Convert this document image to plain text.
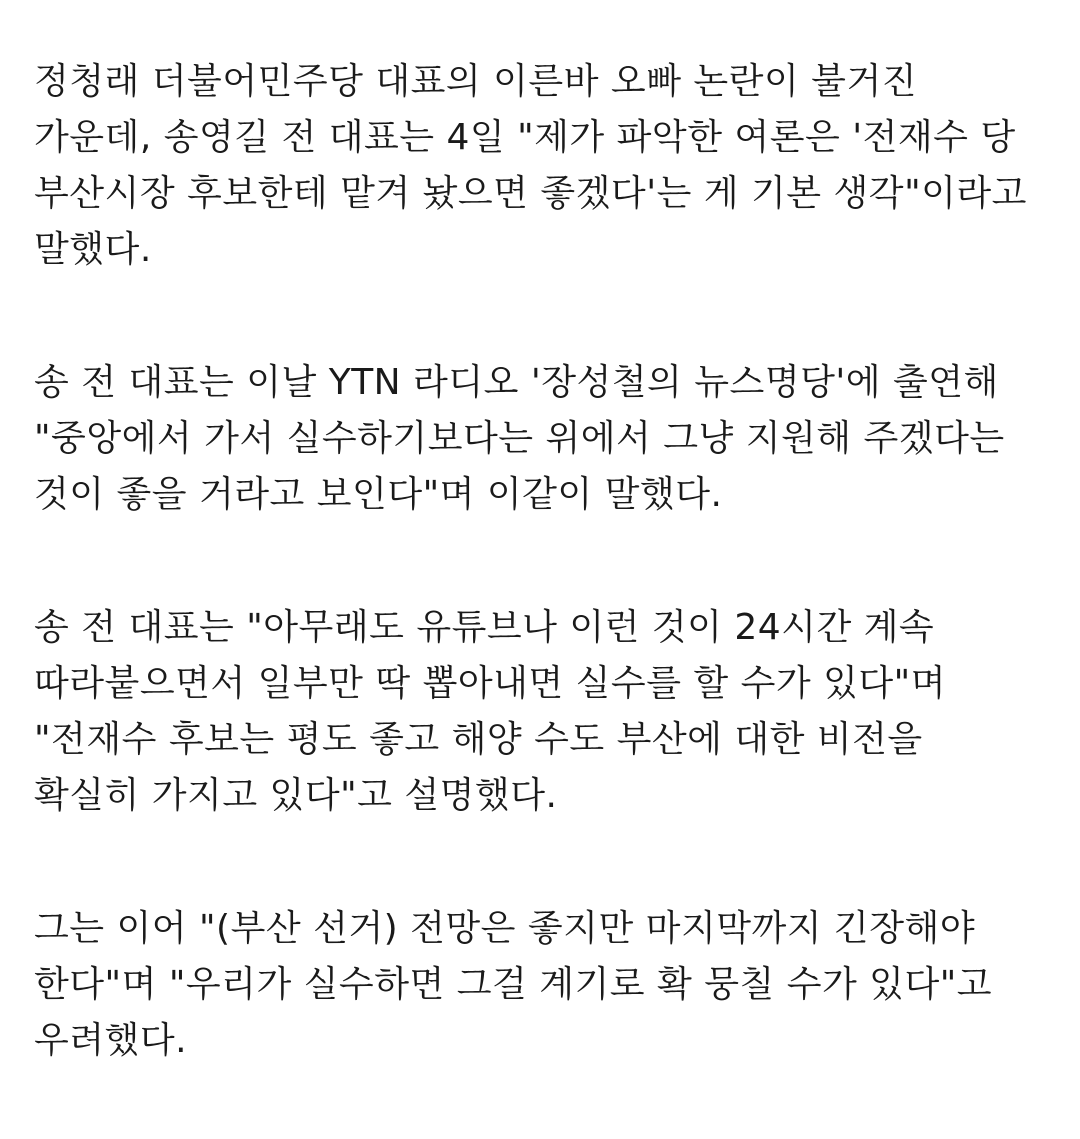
정청래 더불어민주당 대표의 이른바 오빠 논란이 불거진 가운데, 송영길 전 대표는 4일 "제가 파악한 여론은 '전재수 당 부산시장 후보한테 맡겨 놨으면 좋겠다'는 게 기본 생각"이라고 말했다.

송 전 대표는 이날 YTN 라디오 '장성철의 뉴스명당'에 출연해 "중앙에서 가서 실수하기보다는 위에서 그냥 지원해 주겠다는 것이 좋을 거라고 보인다"며 이같이 말했다.

송 전 대표는 "아무래도 유튜브나 이런 것이 24시간 계속 따라붙으면서 일부만 딱 뽑아내면 실수를 할 수가 있다"며 "전재수 후보는 평도 좋고 해양 수도 부산에 대한 비전을 확실히 가지고 있다"고 설명했다.

그는 이어 "(부산 선거) 전망은 좋지만 마지막까지 긴장해야 한다"며 "우리가 실수하면 그걸 계기로 확 뭉칠 수가 있다"고 우려했다.
